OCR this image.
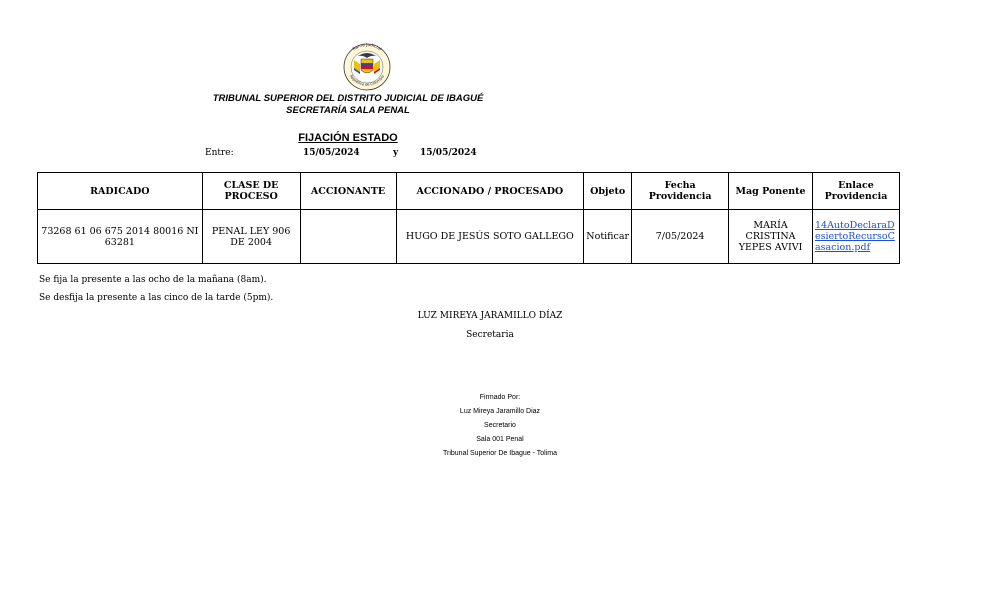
Rama Judicial
República de Colombia
TRIBUNAL SUPERIOR DEL DISTRITO JUDICIAL DE IBAGUÉ
SECRETARÍA SALA PENAL
FIJACIÓN ESTADO
Entre:	15/05/2024	y 15/05/2024
RADICADO	CLASE DE PROCESO	ACCIONANTE	ACCIONADO / PROCESADO	Objeto	Fecha Providencia	Mag Ponente	Enlace Providencia
73268 61 06 675 2014 80016 NI 63281	PENAL LEY 906 DE 2004		HUGO DE JESÚS SOTO GALLEGO	Notificar	7/05/2024	MARÍA CRISTINA YEPES AVIVI	14AutoDeclaraDesiertoRecursoCasacion.pdf
Se fija la presente a las ocho de la mañana (8am).
Se desfija la presente a las cinco de la tarde (5pm).
LUZ MIREYA JARAMILLO DÍAZ
Secretaria
Firmado Por:
Luz Mireya Jaramillo Diaz
Secretario
Sala 001 Penal
Tribunal Superior De Ibague - Tolima
